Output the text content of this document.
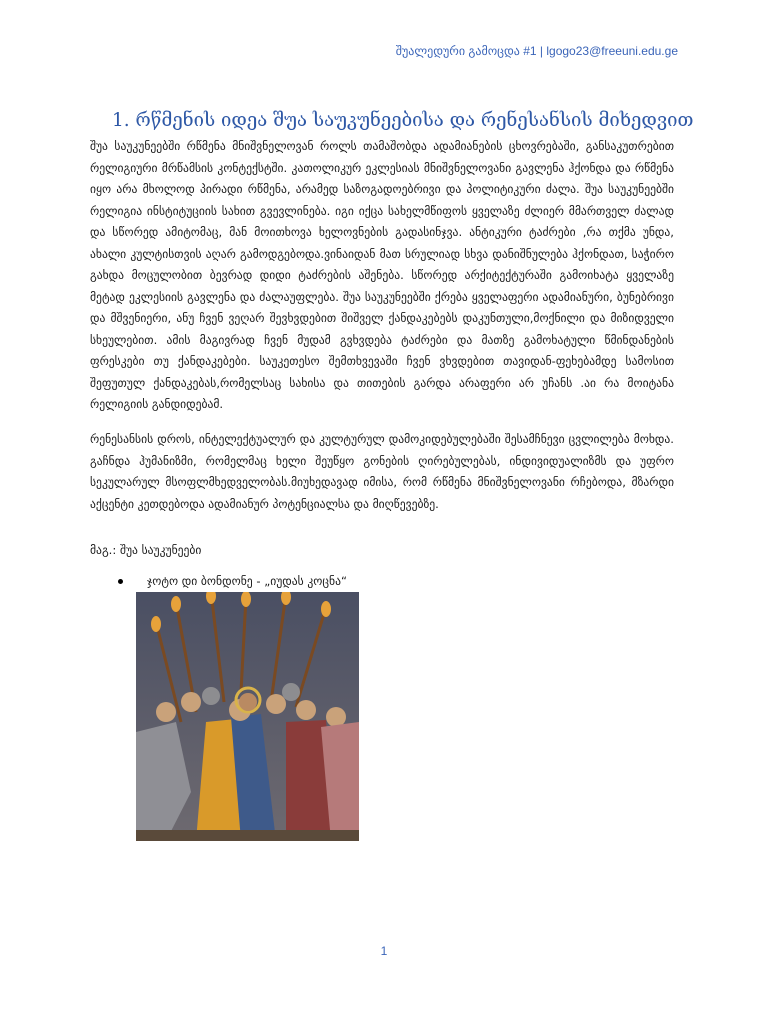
შუალედური გამოცდა #1 | lgogo23@freeuni.edu.ge
1. რწმენის იდეა შუა საუკუნეებისა და რენესანსის მიხედვით

შუა საუკუნეებში რწმენა მნიშვნელოვან როლს თამაშობდა ადამიანების ცხოვრებაში, განსაკუთრებით რელიგიური მრწამსის კონტექსტში. კათოლიკურ ეკლესიას მნიშვნელოვანი გავლენა ჰქონდა და რწმენა იყო არა მხოლოდ პირადი რწმენა, არამედ საზოგადოებრივი და პოლიტიკური ძალა. შუა საუკუნეებში რელიგია ინსტიტუციის სახით გვევლინება. იგი იქცა სახელმწიფოს ყველაზე ძლიერ მმართველ ძალად და სწორედ ამიტომაც, მან მოითხოვა ხელოვნების გადასინჯვა. ანტიკური ტაძრები ,რა თქმა უნდა, ახალი კულტისთვის აღარ გამოდგებოდა.ვინაიდან მათ სრულიად სხვა დანიშნულება ჰქონდათ, საჭირო გახდა მოცულობით ბევრად დიდი ტაძრების აშენება. სწორედ არქიტექტურაში გამოიხატა ყველაზე მეტად ეკლესიის გავლენა და ძალაუფლება. შუა საუკუნეებში ქრება ყველაფერი ადამიანური, ბუნებრივი და მშვენიერი, ანუ ჩვენ ვეღარ შევხვდებით შიშველ ქანდაკებებს დაკუნთული,მოქნილი და მიზიდველი სხეულებით. ამის მაგივრად ჩვენ მუდამ გვხვდება ტაძრები და მათზე გამოხატული წმინდანების ფრესკები თუ ქანდაკებები. საუკეთესო შემთხვევაში ჩვენ ვხვდებით თავიდან-ფეხებამდე სამოსით შეფუთულ ქანდაკებას,რომელსაც სახისა და თითების გარდა არაფერი არ უჩანს .აი რა მოიტანა რელიგიის განდიდებამ.

რენესანსის დროს, ინტელექტუალურ და კულტურულ დამოკიდებულებაში შესამჩნევი ცვლილება მოხდა. გაჩნდა ჰუმანიზმი, რომელმაც ხელი შეუწყო გონების ღირებულებას, ინდივიდუალიზმს და უფრო სეკულარულ მსოფლმხედველობას.მიუხედავად იმისა, რომ რწმენა მნიშვნელოვანი რჩებოდა, მზარდი აქცენტი კეთდებოდა ადამიანურ პოტენციალსა და მიღწევებზე.

მაგ.: შუა საუკუნეები

ჯოტო დი ბონდონე - „იუდას კოცნა“
1
